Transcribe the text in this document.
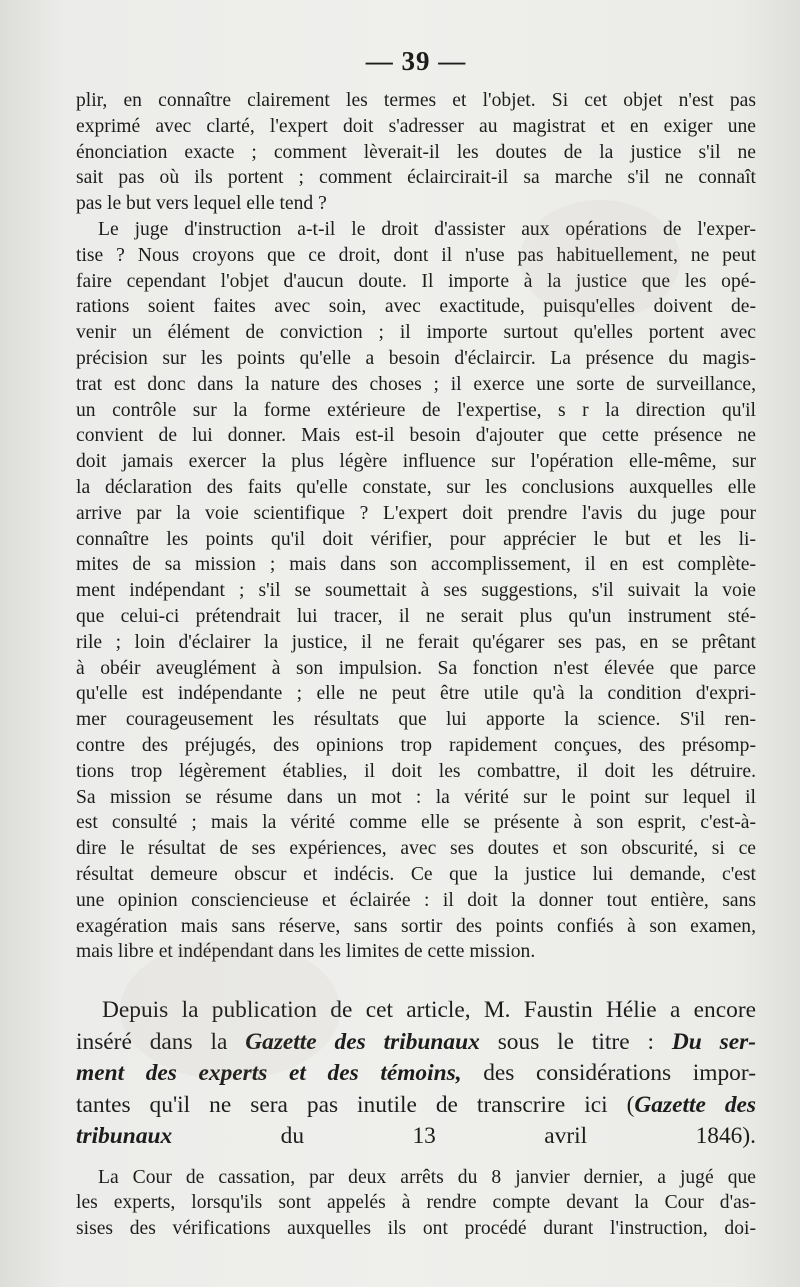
— 39 —

plir, en connaître clairement les termes et l'objet. Si cet objet n'est pas
exprimé avec clarté, l'expert doit s'adresser au magistrat et en exiger une
énonciation exacte ; comment lèverait-il les doutes de la justice s'il ne
sait pas où ils portent ; comment éclaircirait-il sa marche s'il ne connaît
pas le but vers lequel elle tend ?

Le juge d'instruction a-t-il le droit d'assister aux opérations de l'exper-
tise ? Nous croyons que ce droit, dont il n'use pas habituellement, ne peut
faire cependant l'objet d'aucun doute. Il importe à la justice que les opé-
rations soient faites avec soin, avec exactitude, puisqu'elles doivent de-
venir un élément de conviction ; il importe surtout qu'elles portent avec
précision sur les points qu'elle a besoin d'éclaircir. La présence du magis-
trat est donc dans la nature des choses ; il exerce une sorte de surveillance,
un contrôle sur la forme extérieure de l'expertise, s r la direction qu'il
convient de lui donner. Mais est-il besoin d'ajouter que cette présence ne
doit jamais exercer la plus légère influence sur l'opération elle-même, sur
la déclaration des faits qu'elle constate, sur les conclusions auxquelles elle
arrive par la voie scientifique ? L'expert doit prendre l'avis du juge pour
connaître les points qu'il doit vérifier, pour apprécier le but et les li-
mites de sa mission ; mais dans son accomplissement, il en est complète-
ment indépendant ; s'il se soumettait à ses suggestions, s'il suivait la voie
que celui-ci prétendrait lui tracer, il ne serait plus qu'un instrument sté-
rile ; loin d'éclairer la justice, il ne ferait qu'égarer ses pas, en se prêtant
à obéir aveuglément à son impulsion. Sa fonction n'est élevée que parce
qu'elle est indépendante ; elle ne peut être utile qu'à la condition d'expri-
mer courageusement les résultats que lui apporte la science. S'il ren-
contre des préjugés, des opinions trop rapidement conçues, des présomp-
tions trop légèrement établies, il doit les combattre, il doit les détruire.
Sa mission se résume dans un mot : la vérité sur le point sur lequel il
est consulté ; mais la vérité comme elle se présente à son esprit, c'est-à-
dire le résultat de ses expériences, avec ses doutes et son obscurité, si ce
résultat demeure obscur et indécis. Ce que la justice lui demande, c'est
une opinion consciencieuse et éclairée : il doit la donner tout entière, sans
exagération mais sans réserve, sans sortir des points confiés à son examen,
mais libre et indépendant dans les limites de cette mission.

Depuis la publication de cet article, M. Faustin Hélie a encore
inséré dans la Gazette des tribunaux sous le titre : Du ser-
ment des experts et des témoins, des considérations impor-
tantes qu'il ne sera pas inutile de transcrire ici (Gazette des
tribunaux	du 13 avril 1846).

La Cour de cassation, par deux arrêts du 8 janvier dernier, a jugé que
les experts, lorsqu'ils sont appelés à rendre compte devant la Cour d'as-
sises des vérifications auxquelles ils ont procédé durant l'instruction, doi-
